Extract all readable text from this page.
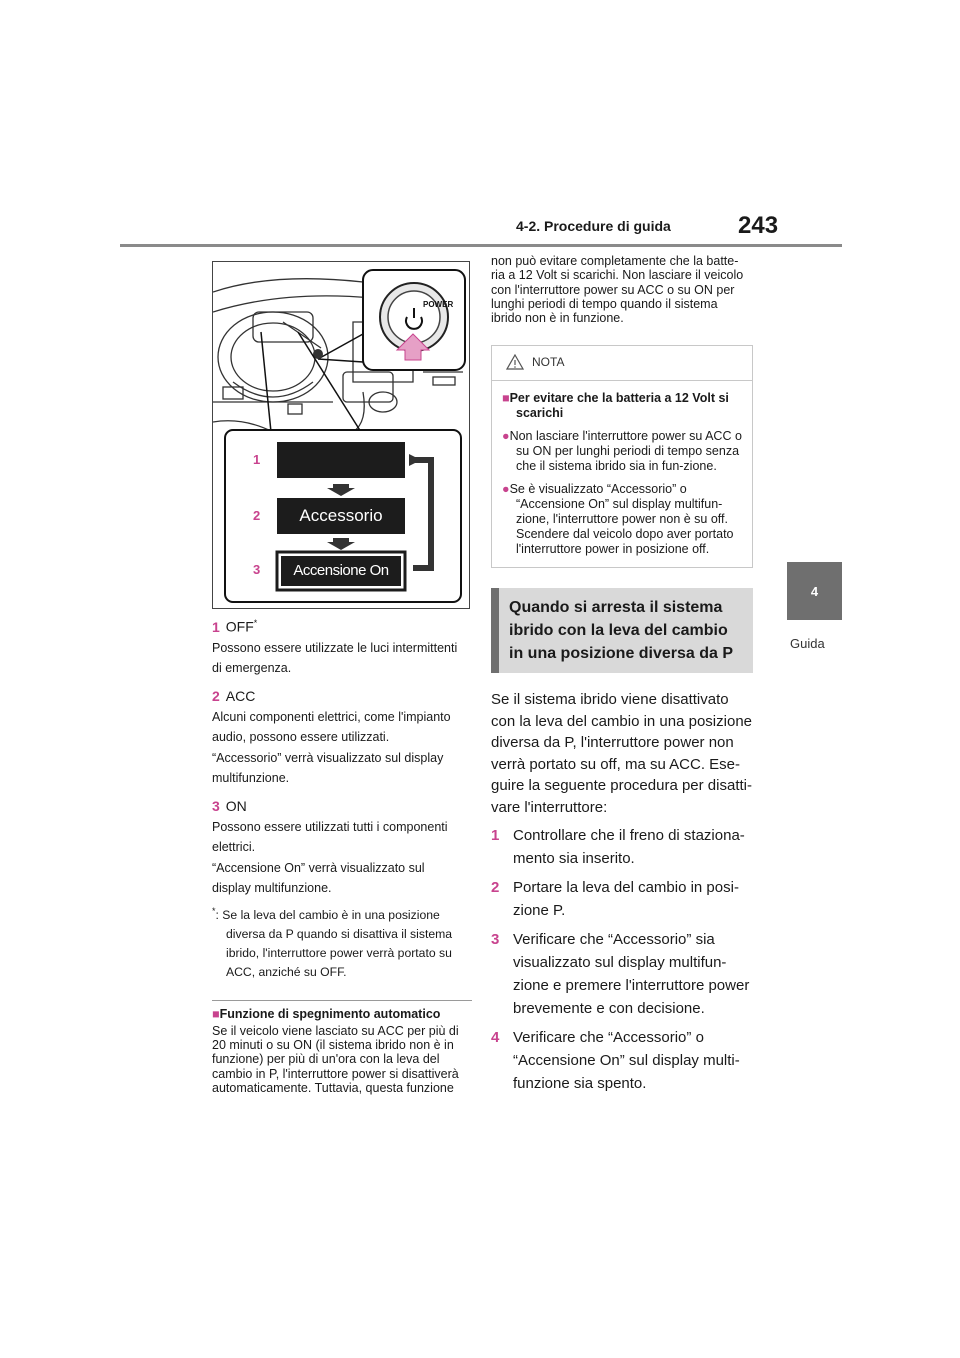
4-2. Procedure di guida	243
4
Guida
1
2
3
Accessorio
Accensione On
1 OFF*

Possono essere utilizzate le luci intermittenti

di emergenza.

2 ACC

Alcuni componenti elettrici, come l'impianto

audio, possono essere utilizzati.

“Accessorio” verrà visualizzato sul display

multifunzione.

3 ON

Possono essere utilizzati tutti i componenti

elettrici.

“Accensione On” verrà visualizzato sul

display multifunzione.

*: Se la leva del cambio è in una posizione
diversa da P quando si disattiva il sistema
ibrido, l'interruttore power verrà portato su
ACC, anziché su OFF.
■Funzione di spegnimento automatico

Se il veicolo viene lasciato su ACC per più di

20 minuti o su ON (il sistema ibrido non è in

funzione) per più di un'ora con la leva del

cambio in P, l'interruttore power si disattiverà

automaticamente. Tuttavia, questa funzione

non può evitare completamente che la batte-

ria a 12 Volt si scarichi. Non lasciare il veicolo

con l'interruttore power su ACC o su ON per

lunghi periodi di tempo quando il sistema

ibrido non è in funzione.

NOTA
■Per evitare che la batteria a 12 Volt si scarichi
●Non lasciare l'interruttore power su ACC o su ON per lunghi periodi di tempo senza che il sistema ibrido sia in fun-zione.
●Se è visualizzato “Accessorio” o “Accensione On” sul display multifun-zione, l'interruttore power non è su off. Scendere dal veicolo dopo aver portato l'interruttore power in posizione off.
Quando si arresta il sistema ibrido con la leva del cambio in una posizione diversa da P

Se il sistema ibrido viene disattivato con la leva del cambio in una posizione diversa da P, l'interruttore power non verrà portato su off, ma su ACC. Ese-guire la seguente procedura per disatti-vare l'interruttore:

1 Controllare che il freno di staziona-mento sia inserito.
2 Portare la leva del cambio in posi-zione P.
3 Verificare che “Accessorio” sia visualizzato sul display multifun-zione e premere l'interruttore power brevemente e con decisione.
4 Verificare che “Accessorio” o “Accensione On” sul display multi-funzione sia spento.
